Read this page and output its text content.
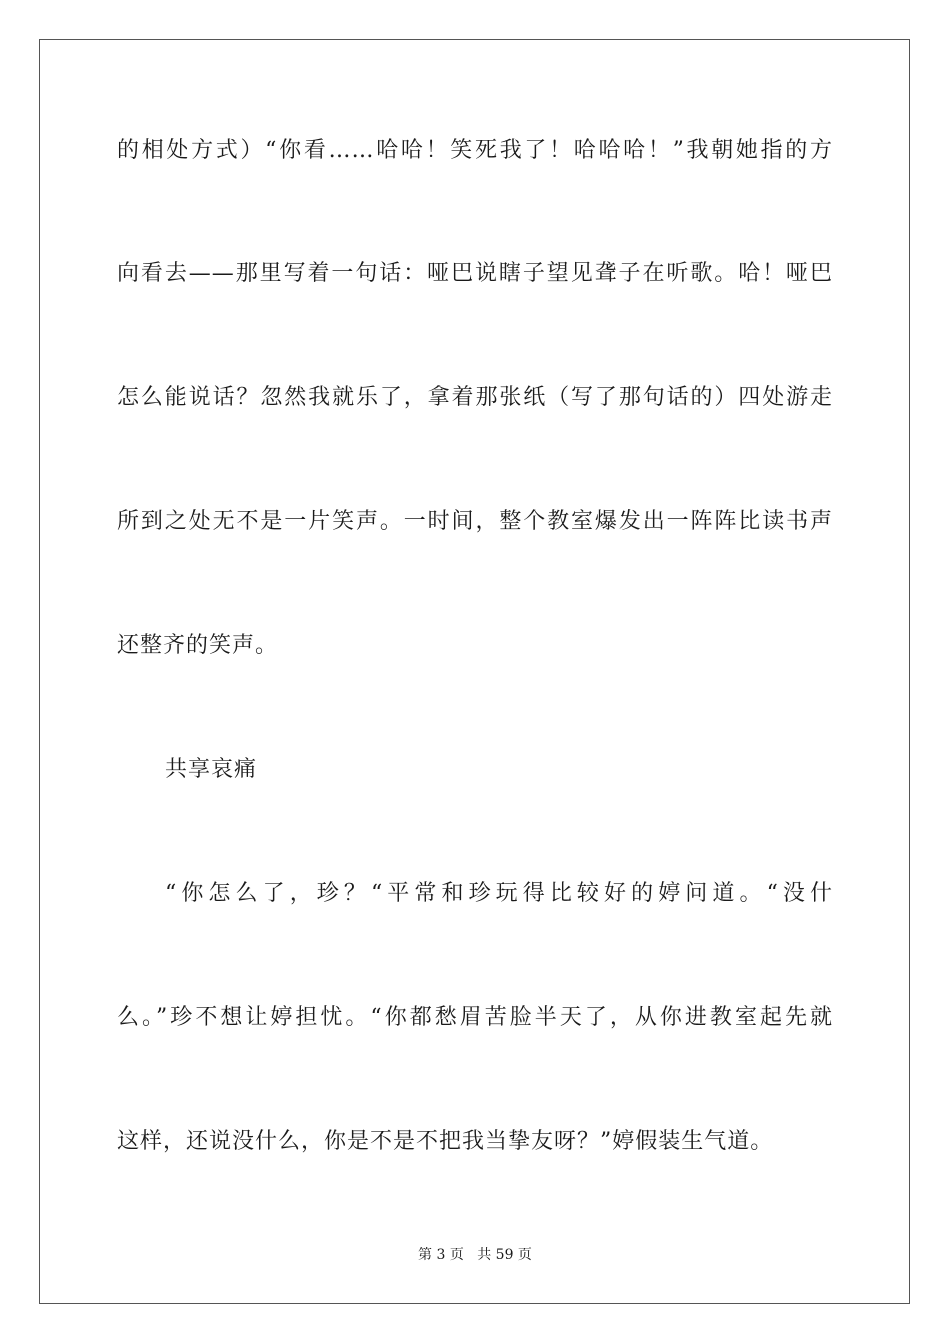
的相处方式）“你看……哈哈！笑死我了！哈哈哈！”我朝她指的方
向看去——那里写着一句话：哑巴说瞎子望见聋子在听歌。哈！哑巴
怎么能说话？忽然我就乐了，拿着那张纸（写了那句话的）四处游走
所到之处无不是一片笑声。一时间，整个教室爆发出一阵阵比读书声
还整齐的笑声。
共享哀痛
“你怎么了，珍？“平常和珍玩得比较好的婷问道。“没什
么。”珍不想让婷担忧。“你都愁眉苦脸半天了，从你进教室起先就
这样，还说没什么，你是不是不把我当挚友呀？”婷假装生气道。
第 3 页 共 59 页
